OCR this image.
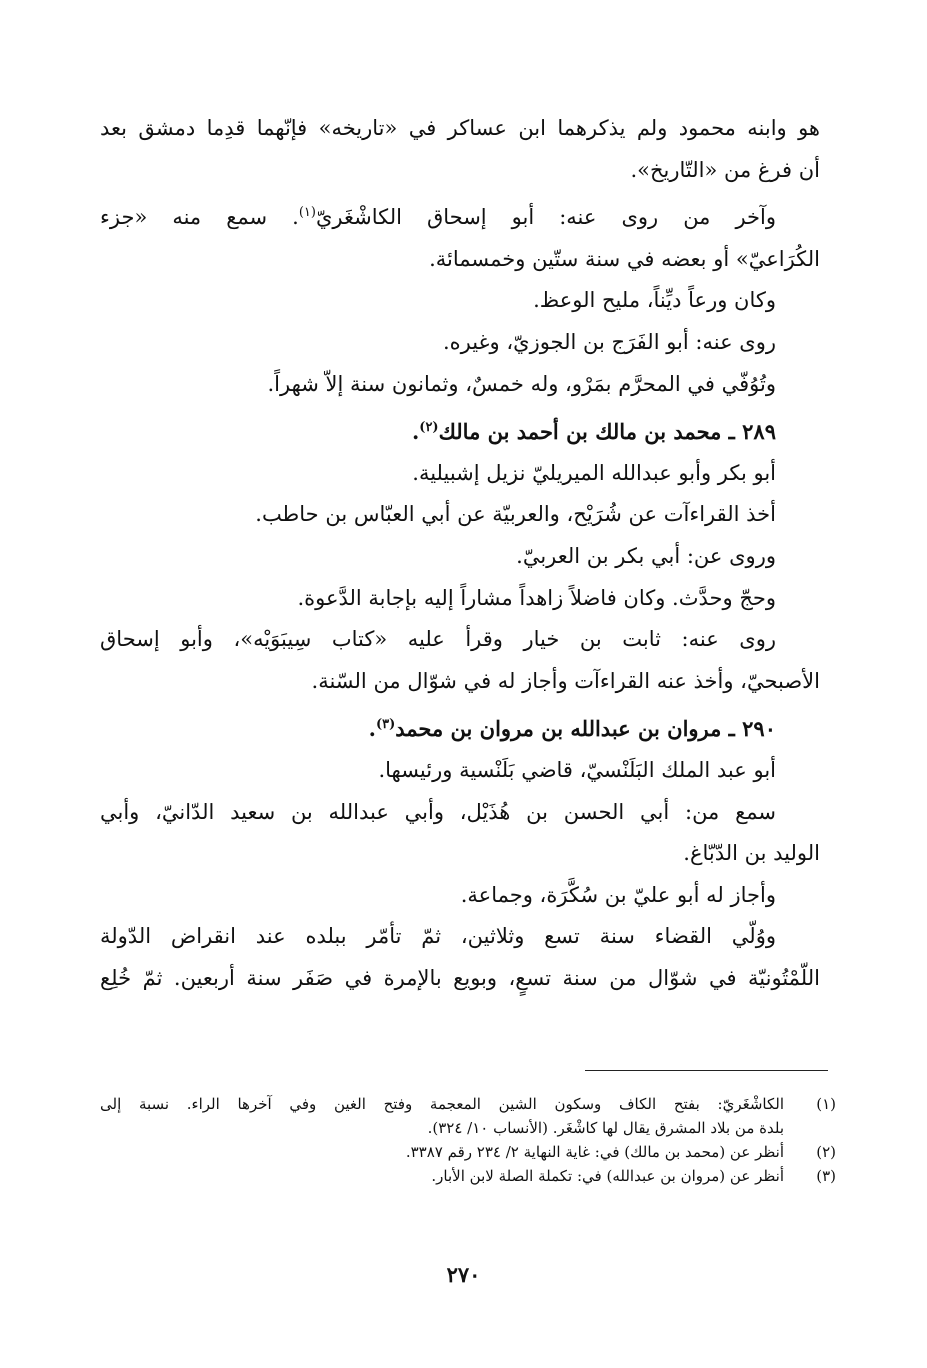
هو وابنه محمود ولم يذكرهما ابن عساكر في «تاريخه» فإنّهما قدِما دمشق بعد
أن فرغ من «التّاريخ».
وآخر من روى عنه: أبو إسحاق الكاشْغَريّ$^{(١)}$. سمع منه «جزء
الكُرَاعيّ» أو بعضه في سنة ستّين وخمسمائة.
وكان ورعاً ديِّناً، مليح الوعظ.
روى عنه: أبو الفَرَج بن الجوزيّ، وغيره.
وتُوُفّي في المحرَّم بمَرْو، وله خمسٌ، وثمانون سنة إلاّ شهراً.
٢٨٩ ـ محمد بن مالك بن أحمد بن مالك$^{(٢)}$.
أبو بكر وأبو عبدالله الميريليّ نزيل إشبيلية.
أخذ القراءآت عن شُرَيْح، والعربيّة عن أبي العبّاس بن حاطب.
وروى عن: أبي بكر بن العربيّ.
وحجّ وحدَّث. وكان فاضلاً زاهداً مشاراً إليه بإجابة الدَّعوة.
روى عنه: ثابت بن خيار وقرأ عليه «كتاب سِيبَوَيْه»، وأبو إسحاق
الأصبحيّ، وأخذ عنه القراءآت وأجاز له في شوّال من السّنة.
٢٩٠ ـ مروان بن عبدالله بن مروان بن محمد$^{(٣)}$.
أبو عبد الملك البَلَنْسيّ، قاضي بَلَنْسية ورئيسها.
سمع من: أبي الحسن بن هُذَيْل، وأبي عبدالله بن سعيد الدّانيّ، وأبي
الوليد بن الدّبّاغ.
وأجاز له أبو عليّ بن سُكَّرَة، وجماعة.
ووُلّي القضاء سنة تسع وثلاثين، ثمّ تأمّر ببلده عند انقراض الدّولة
اللّمْتُونيّة في شوّال من سنة تسعٍ، وبويع بالإمرة في صَفَر سنة أربعين. ثمّ خُلِع
(١)
الكاشْغَريّ: بفتح الكاف وسكون الشين المعجمة وفتح الغين وفي آخرها الراء. نسبة إلى
بلدة من بلاد المشرق يقال لها كاشْغَر. (الأنساب ١٠/ ٣٢٤).
(٢)
أنظر عن (محمد بن مالك) في: غاية النهاية ٢/ ٢٣٤ رقم ٣٣٨٧.
(٣)
أنظر عن (مروان بن عبدالله) في: تكملة الصلة لابن الأبار.
٢٧٠
